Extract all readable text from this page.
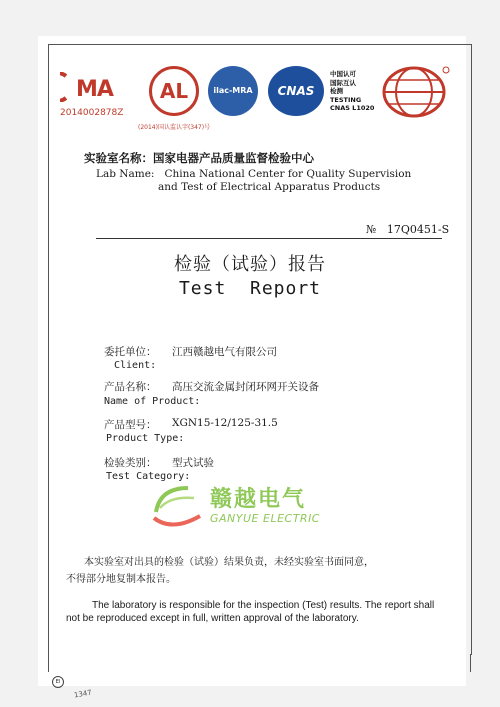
MA
2014002878Z
AL
(2014)国认监认字(347)号
ilac-MRA	CNAS
中国认可
国际互认
检测
TESTING
CNAS L1020
实验室名称：国家电器产品质量监督检验中心
Lab Name:   China National Center for Quality Supervision
and Test of Electrical Apparatus Products
№   17Q0451-S
检验（试验）报告
Test  Report
委托单位： 江西赣越电气有限公司
Client:
产品名称： 高压交流金属封闭环网开关设备
Name of Product:
产品型号： XGN15-12/125-31.5
Product Type:
检验类别： 型式试验
Test Category:
赣越电气
GANYUE ELECTRIC
本实验室对出具的检验（试验）结果负责，未经实验室书面同意，
不得部分地复制本报告。
The laboratory is responsible for the inspection (Test) results. The report shall
not be reproduced except in full, written approval of the laboratory.
El
1347
